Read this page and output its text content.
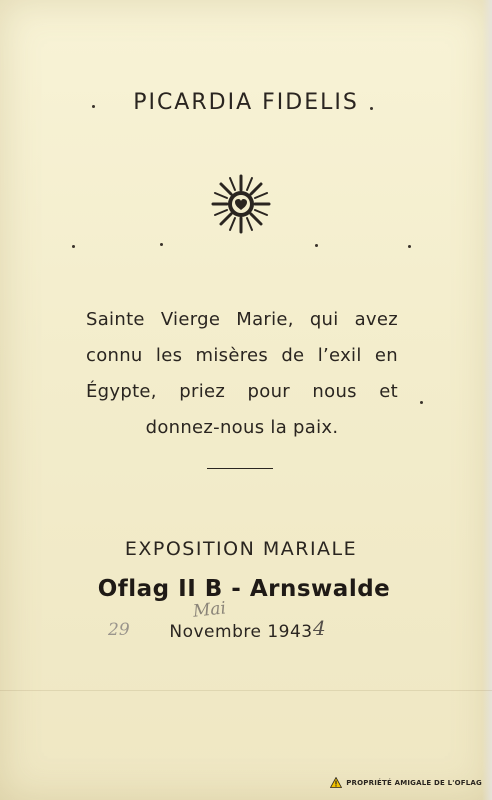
PICARDIA FIDELIS
Sainte Vierge Marie, qui avez connu les misères de l’exil en Égypte, priez pour nous et donnez-nous la paix.
EXPOSITION MARIALE
Oflag II B - Arnswalde
Mai
29	Novembre 1943 4
PROPRIÉTÉ AMIGALE DE L'OFLAG
